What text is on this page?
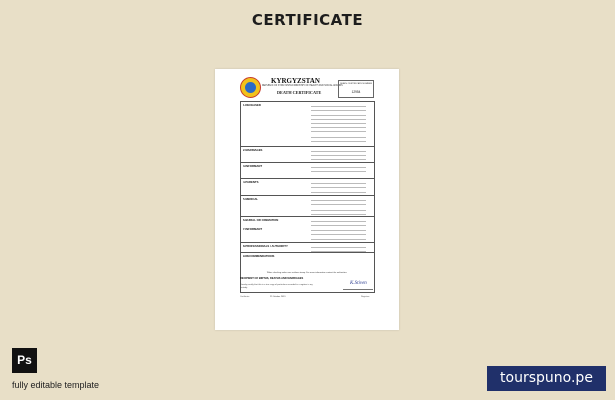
CERTIFICATE
KYRGYZSTAN
REPUBLIC OF KYRGYZSTAN MINISTRY OF HEALTH AND SOCIAL AFFAIRS
DEATH CERTIFICATE
DEATH CERTIFICATE NUMBER
12954
1.DECEASED
2.MARRIAGES
3.INFORMANT
4.PARENTS
5.MEDICAL
6.BURIAL OR CREMATION
7.INFORMANT
8.PROFESSIONALS / AUTHORITY
9.RECOMMENDATIONS
When checking make sure uniform stamp. For more information contact the authorities.
RECIPIENT OF BIRTHS, DEATHS AND MARRIAGES
I hereby certify that this is a true copy of particulars recorded in a register in my custody.
K.Stiven
Certificate	29 October 2019	Registrar
Ps
fully editable template	tourspuno.pe
